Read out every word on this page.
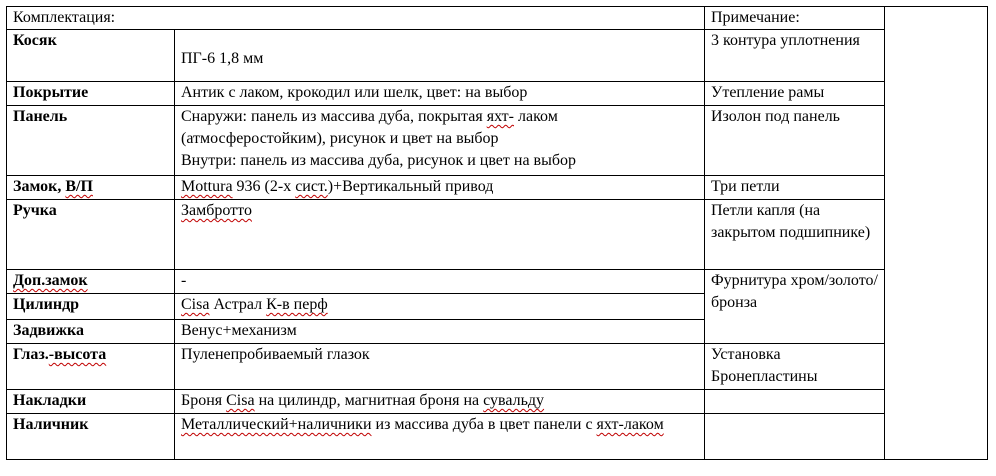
Комплектация:		Примечание:	
Косяк	ПГ-6 1,8 мм	3 контура уплотнения	
Покрытие	Антик с лаком, крокодил или шелк, цвет: на выбор	Утепление рамы	
Панель	Снаружи: панель из массива дуба, покрытая яхт- лаком
(атмосферостойким), рисунок и цвет на выбор
Внутри: панель из массива дуба, рисунок и цвет на выбор	Изолон под панель	
Замок, В/П	Mottura 936 (2-х сист.)+Вертикальный привод	Три петли	
Ручка	Замбротто	Петли капля (на закрытом подшипнике)	
Доп.замок	-	Фурнитура хром/золото/ бронза	
Цилиндр	Cisa Астрал К-в перф		
Задвижка	Венус+механизм		
Глаз.-высота	Пуленепробиваемый глазок	Установка Бронепластины	
Накладки	Броня Cisa на цилиндр, магнитная броня на сувальду		
Наличник	Металлический+наличники из массива дуба в цвет панели с яхт-лаком		
